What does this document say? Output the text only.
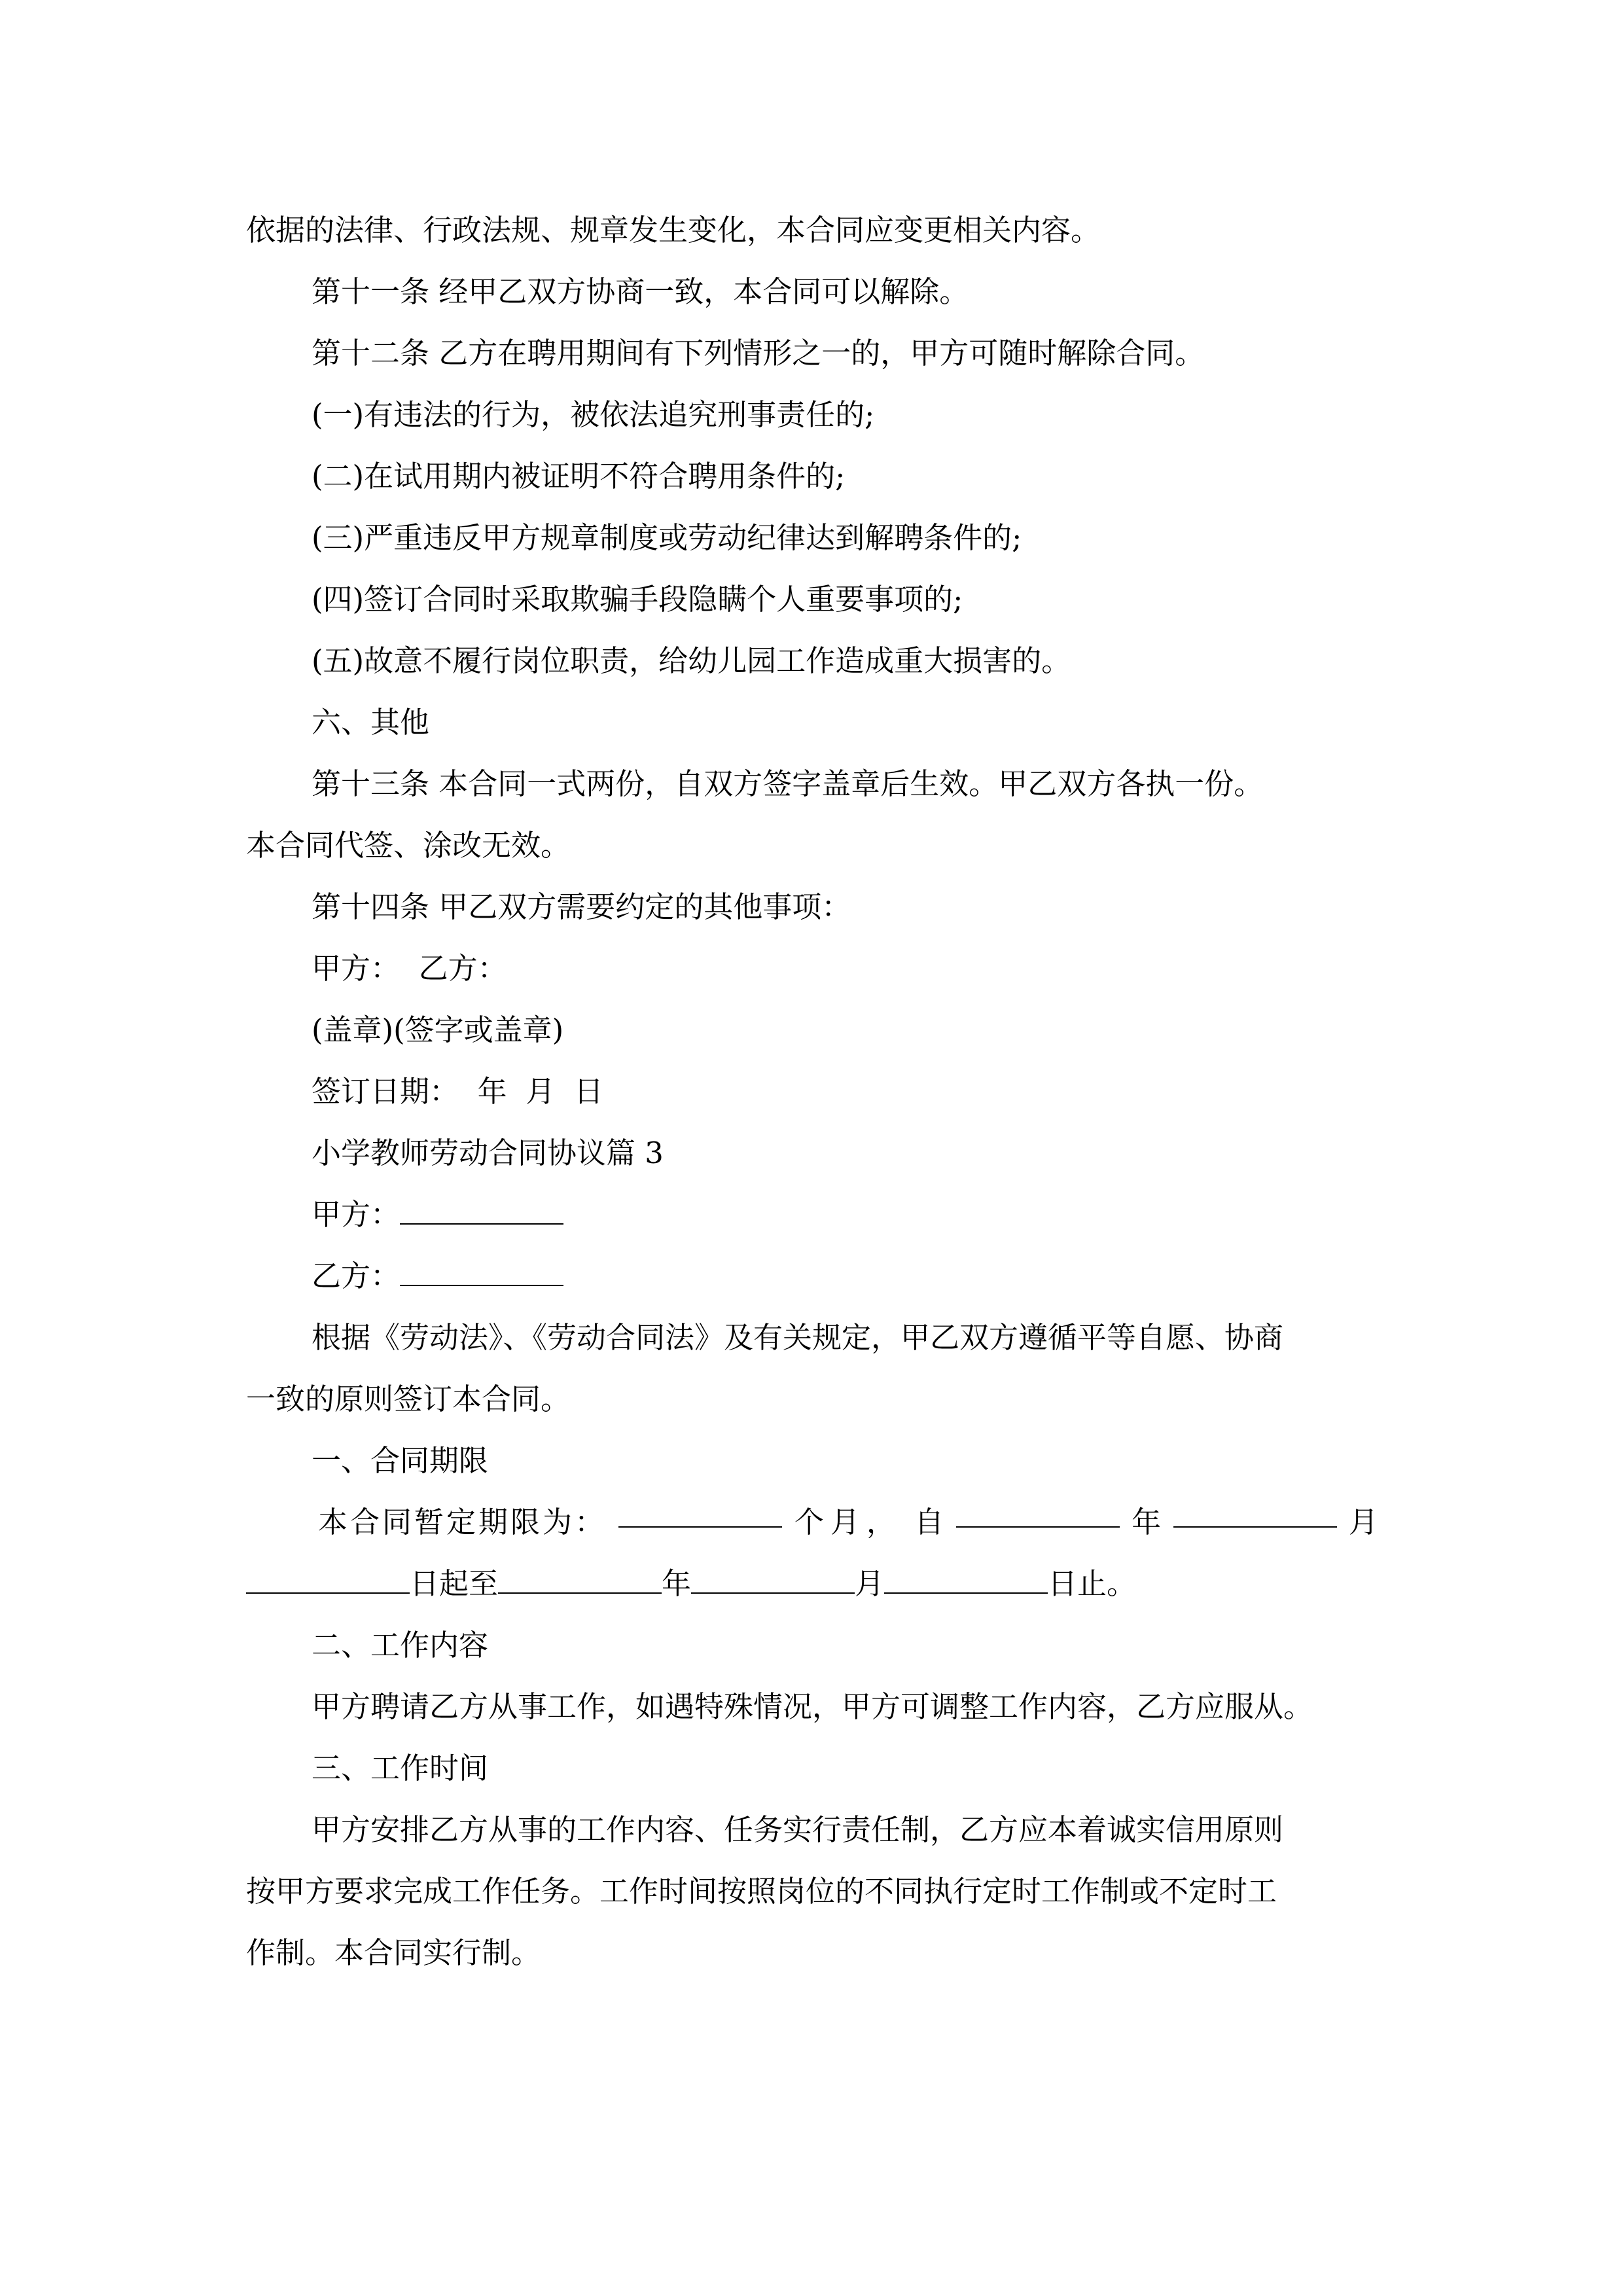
依据的法律、行政法规、规章发生变化，本合同应变更相关内容。
第十一条 经甲乙双方协商一致，本合同可以解除。
第十二条 乙方在聘用期间有下列情形之一的，甲方可随时解除合同。
(一)有违法的行为，被依法追究刑事责任的;
(二)在试用期内被证明不符合聘用条件的;
(三)严重违反甲方规章制度或劳动纪律达到解聘条件的;
(四)签订合同时采取欺骗手段隐瞒个人重要事项的;
(五)故意不履行岗位职责，给幼儿园工作造成重大损害的。
六、其他
第十三条 本合同一式两份，自双方签字盖章后生效。甲乙双方各执一份。
本合同代签、涂改无效。
第十四条 甲乙双方需要约定的其他事项：
甲方：  乙方：
(盖章)(签字或盖章)
签订日期：  年  月  日
小学教师劳动合同协议篇 3
甲方：
乙方：
根据《劳动法》、《劳动合同法》及有关规定，甲乙双方遵循平等自愿、协商
一致的原则签订本合同。
一、合同期限
本合同暂定期限为：	个月， 自	年	月
日起至	年	月	日止。
二、工作内容
甲方聘请乙方从事工作，如遇特殊情况，甲方可调整工作内容，乙方应服从。
三、工作时间
甲方安排乙方从事的工作内容、任务实行责任制，乙方应本着诚实信用原则
按甲方要求完成工作任务。工作时间按照岗位的不同执行定时工作制或不定时工
作制。本合同实行制。
